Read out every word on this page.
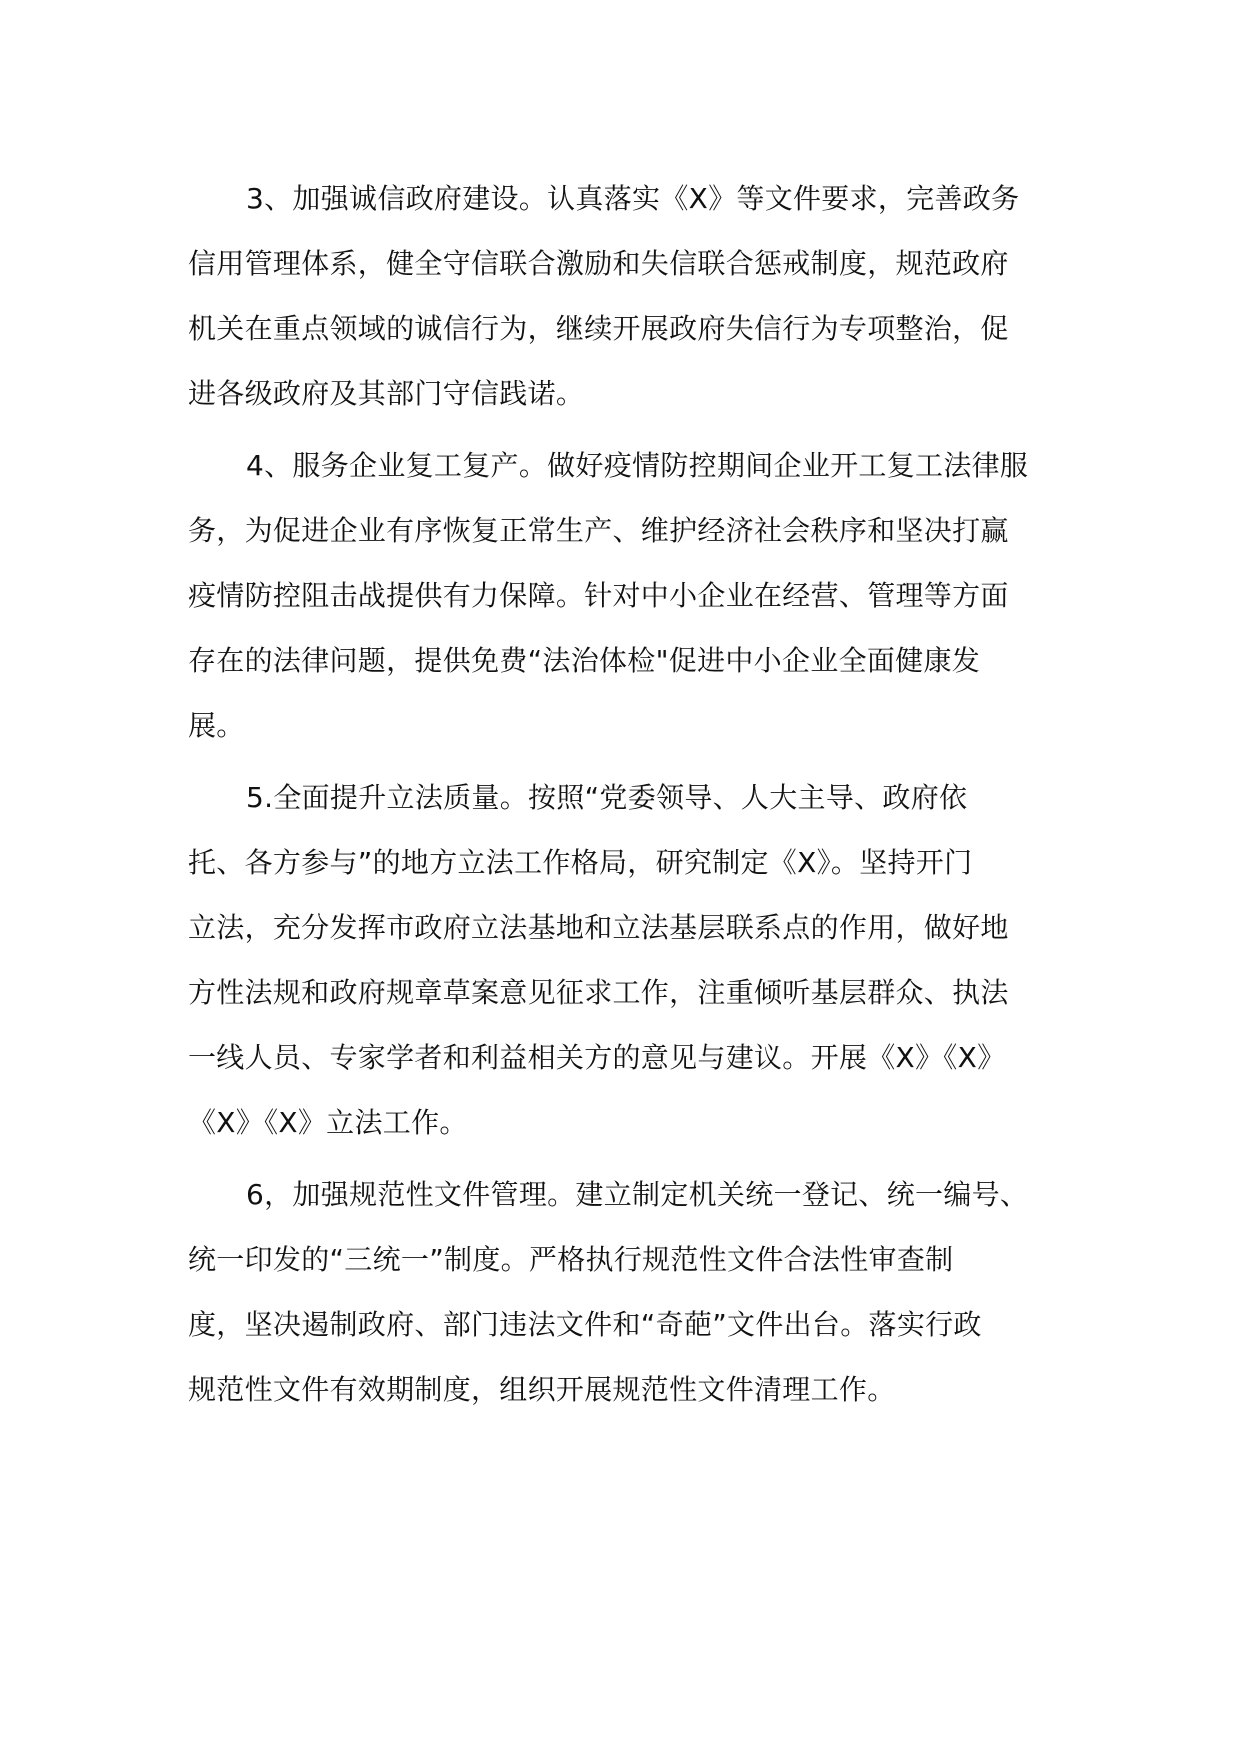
3、加强诚信政府建设。认真落实《X》等文件要求，完善政务
信用管理体系，健全守信联合激励和失信联合惩戒制度，规范政府
机关在重点领域的诚信行为，继续开展政府失信行为专项整治，促
进各级政府及其部门守信践诺。
4、服务企业复工复产。做好疫情防控期间企业开工复工法律服
务，为促进企业有序恢复正常生产、维护经济社会秩序和坚决打赢
疫情防控阻击战提供有力保障。针对中小企业在经营、管理等方面
存在的法律问题，提供免费“法治体检"促进中小企业全面健康发
展。
5.全面提升立法质量。按照“党委领导、人大主导、政府依
托、各方参与”的地方立法工作格局，研究制定《X》。坚持开门
立法，充分发挥市政府立法基地和立法基层联系点的作用，做好地
方性法规和政府规章草案意见征求工作，注重倾听基层群众、执法
一线人员、专家学者和利益相关方的意见与建议。开展《X》《X》
《X》《X》立法工作。
6，加强规范性文件管理。建立制定机关统一登记、统一编号、
统一印发的“三统一”制度。严格执行规范性文件合法性审查制
度，坚决遏制政府、部门违法文件和“奇葩”文件出台。落实行政
规范性文件有效期制度，组织开展规范性文件清理工作。
